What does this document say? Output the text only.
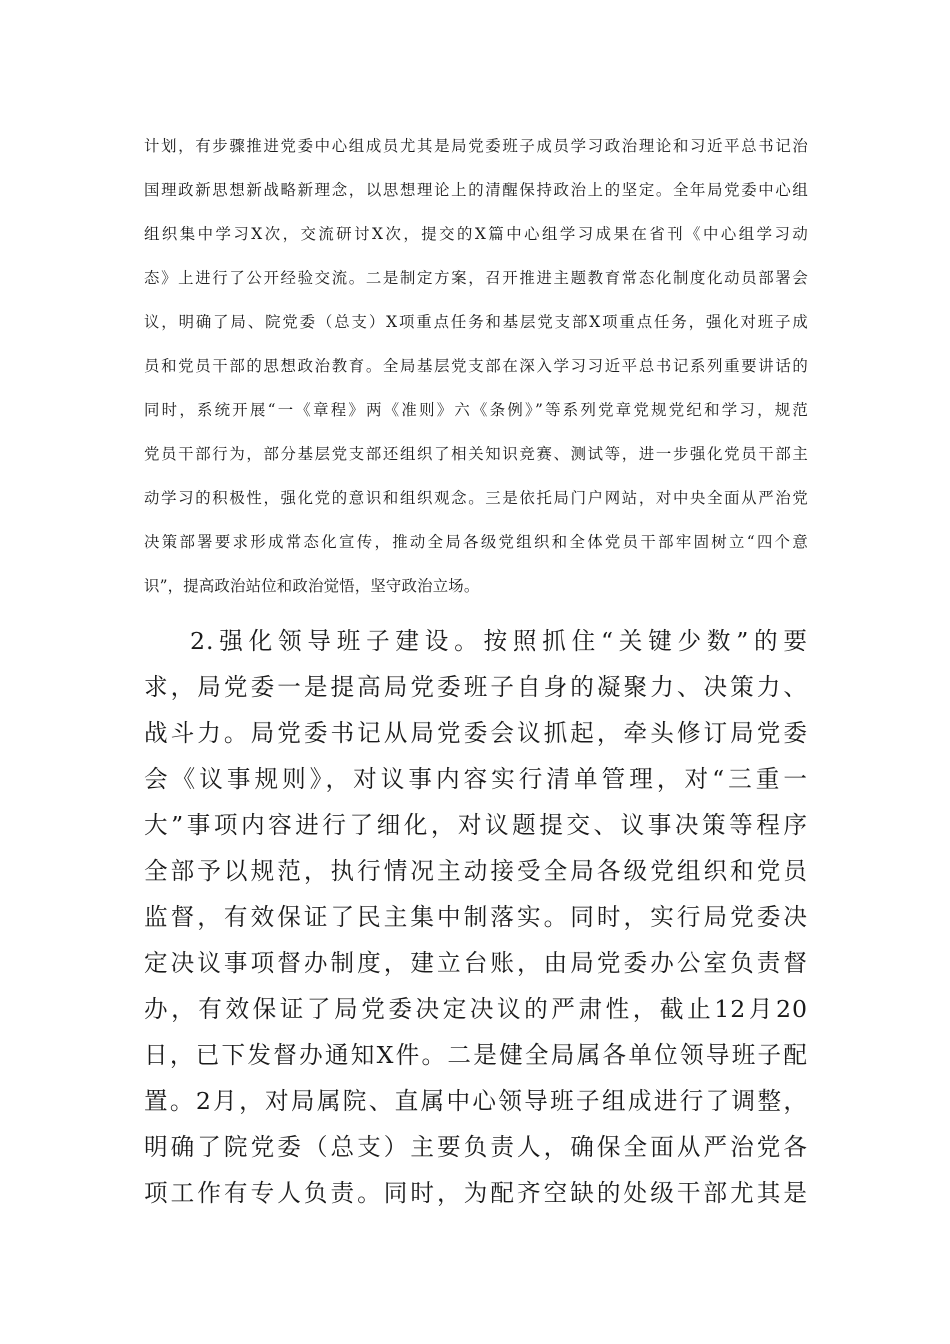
计划，有步骤推进党委中心组成员尤其是局党委班子成员学习政治理论和习近平总书记治

国理政新思想新战略新理念，以思想理论上的清醒保持政治上的坚定。全年局党委中心组

组织集中学习Ⅹ次，交流研讨Ⅹ次，提交的Ⅹ篇中心组学习成果在省刊《中心组学习动

态》上进行了公开经验交流。二是制定方案，召开推进主题教育常态化制度化动员部署会

议，明确了局、院党委（总支）Ⅹ项重点任务和基层党支部Ⅹ项重点任务，强化对班子成

员和党员干部的思想政治教育。全局基层党支部在深入学习习近平总书记系列重要讲话的

同时，系统开展“一《章程》两《准则》六《条例》”等系列党章党规党纪和学习，规范

党员干部行为，部分基层党支部还组织了相关知识竞赛、测试等，进一步强化党员干部主

动学习的积极性，强化党的意识和组织观念。三是依托局门户网站，对中央全面从严治党

决策部署要求形成常态化宣传，推动全局各级党组织和全体党员干部牢固树立“四个意

识”，提高政治站位和政治觉悟，坚守政治立场。

2.强化领导班子建设。按照抓住“关键少数”的要

求，局党委一是提高局党委班子自身的凝聚力、决策力、

战斗力。局党委书记从局党委会议抓起，牵头修订局党委

会《议事规则》，对议事内容实行清单管理，对“三重一

大”事项内容进行了细化，对议题提交、议事决策等程序

全部予以规范，执行情况主动接受全局各级党组织和党员

监督，有效保证了民主集中制落实。同时，实行局党委决

定决议事项督办制度，建立台账，由局党委办公室负责督

办，有效保证了局党委决定决议的严肃性，截止12月20

日，已下发督办通知Ⅹ件。二是健全局属各单位领导班子配

置。2月，对局属院、直属中心领导班子组成进行了调整，

明确了院党委（总支）主要负责人，确保全面从严治党各

项工作有专人负责。同时，为配齐空缺的处级干部尤其是
